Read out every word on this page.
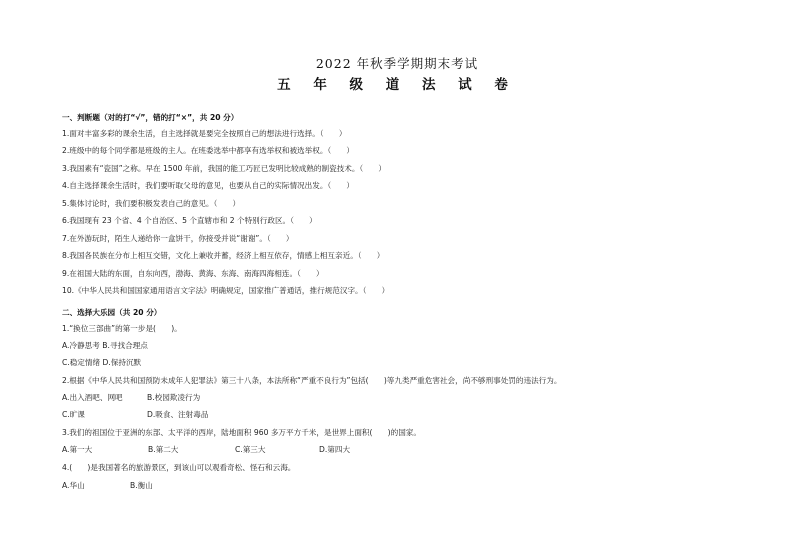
2022 年秋季学期期末考试
五 年 级 道 法 试 卷
一、判断题（对的打“√”，错的打“×”，共 20 分）
1.面对丰富多彩的课余生活，自主选择就是要完全按照自己的想法进行选择。（　　）
2.班级中的每个同学都是班级的主人。在班委选举中都享有选举权和被选举权。（　　）
3.我国素有“瓷国”之称。早在 1500 年前，我国的能工巧匠已发明比较成熟的制瓷技术。（　　）
4.自主选择课余生活时，我们要听取父母的意见，也要从自己的实际情况出发。（　　）
5.集体讨论时，我们要积极发表自己的意见。（　　）
6.我国现有 23 个省、4 个自治区、5 个直辖市和 2 个特别行政区。（　　）
7.在外游玩时，陌生人递给你一盒饼干，你接受并说“谢谢”。（　　）
8.我国各民族在分布上相互交错，文化上兼收并蓄，经济上相互依存，情感上相互亲近。（　　）
9.在祖国大陆的东面，自东向西，渤海、黄海、东海、南海四海相连。（　　）
10.《中华人民共和国国家通用语言文字法》明确规定，国家推广普通话，推行规范汉字。（　　）
二、选择大乐园（共 20 分）
1.“换位三部曲”的第一步是(　　)。
A.冷静思考 B.寻找合理点
C.稳定情绪 D.保持沉默
2.根据《中华人民共和国预防未成年人犯罪法》第三十八条，本法所称“严重不良行为”包括(　　)等九类严重危害社会，尚不够刑事处罚的违法行为。
A.出入酒吧、网吧	B.校园欺凌行为
C.旷课	D.吸食、注射毒品
3.我们的祖国位于亚洲的东部、太平洋的西岸，陆地面积 960 多万平方千米，是世界上面积(　　)的国家。
A.第一大	B.第二大	C.第三大	D.第四大
4.(　　)是我国著名的旅游景区，到该山可以观看奇松、怪石和云海。
A.华山	B.衡山
